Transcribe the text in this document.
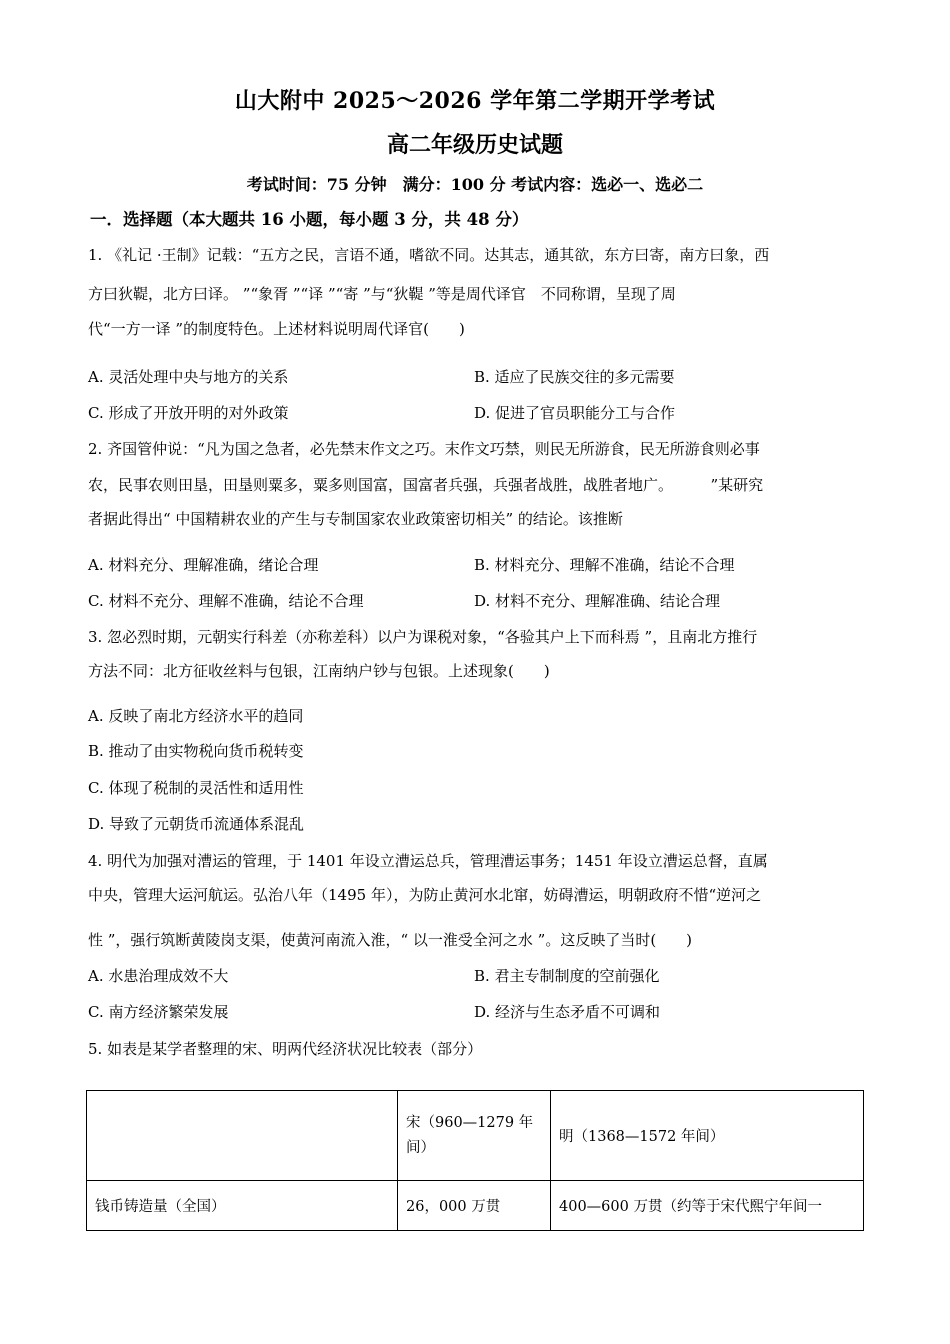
山大附中 2025～2026 学年第二学期开学考试
高二年级历史试题
考试时间：75 分钟　满分：100 分 考试内容：选必一、选必二
一．选择题（本大题共 16 小题，每小题 3 分，共 48 分）
1. 《礼记 ·王制》记载：“五方之民，言语不通，嗜欲不同。达其志，通其欲，东方曰寄，南方曰象，西
方曰狄鞮，北方曰译。 ”“象胥 ”“译 ”“寄 ”与“狄鞮 ”等是周代译官　不同称谓，呈现了周
代“一方一译 ”的制度特色。上述材料说明周代译官(　　)
A. 灵活处理中央与地方的关系	B. 适应了民族交往的多元需要
C. 形成了开放开明的对外政策	D. 促进了官员职能分工与合作
2. 齐国管仲说：“凡为国之急者，必先禁末作文之巧。末作文巧禁，则民无所游食，民无所游食则必事
农，民事农则田垦，田垦则粟多，粟多则国富，国富者兵强，兵强者战胜，战胜者地广。　　　”某研究
者据此得出“ 中国精耕农业的产生与专制国家农业政策密切相关” 的结论。该推断
A. 材料充分、理解准确，绪论合理	B. 材料充分、理解不准确，结论不合理
C. 材料不充分、理解不准确，结论不合理	D. 材料不充分、理解准确、结论合理
3. 忽必烈时期，元朝实行科差（亦称差科）以户为课税对象，“各验其户上下而科焉 ”，且南北方推行
方法不同：北方征收丝料与包银，江南纳户钞与包银。上述现象(　　)
A. 反映了南北方经济水平的趋同
B. 推动了由实物税向货币税转变
C. 体现了税制的灵活性和适用性
D. 导致了元朝货币流通体系混乱
4. 明代为加强对漕运的管理，于 1401 年设立漕运总兵，管理漕运事务；1451 年设立漕运总督，直属
中央，管理大运河航运。弘治八年（1495 年），为防止黄河水北窜，妨碍漕运，明朝政府不惜“逆河之
性 ”，强行筑断黄陵岗支渠，使黄河南流入淮，“ 以一淮受全河之水 ”。这反映了当时(　　)
A. 水患治理成效不大	B. 君主专制制度的空前强化
C. 南方经济繁荣发展	D. 经济与生态矛盾不可调和
5. 如表是某学者整理的宋、明两代经济状况比较表（部分）
	宋（960—1279 年间）	明（1368—1572 年间）
钱币铸造量（全国）	26，000 万贯	400—600 万贯（约等于宋代熙宁年间一
